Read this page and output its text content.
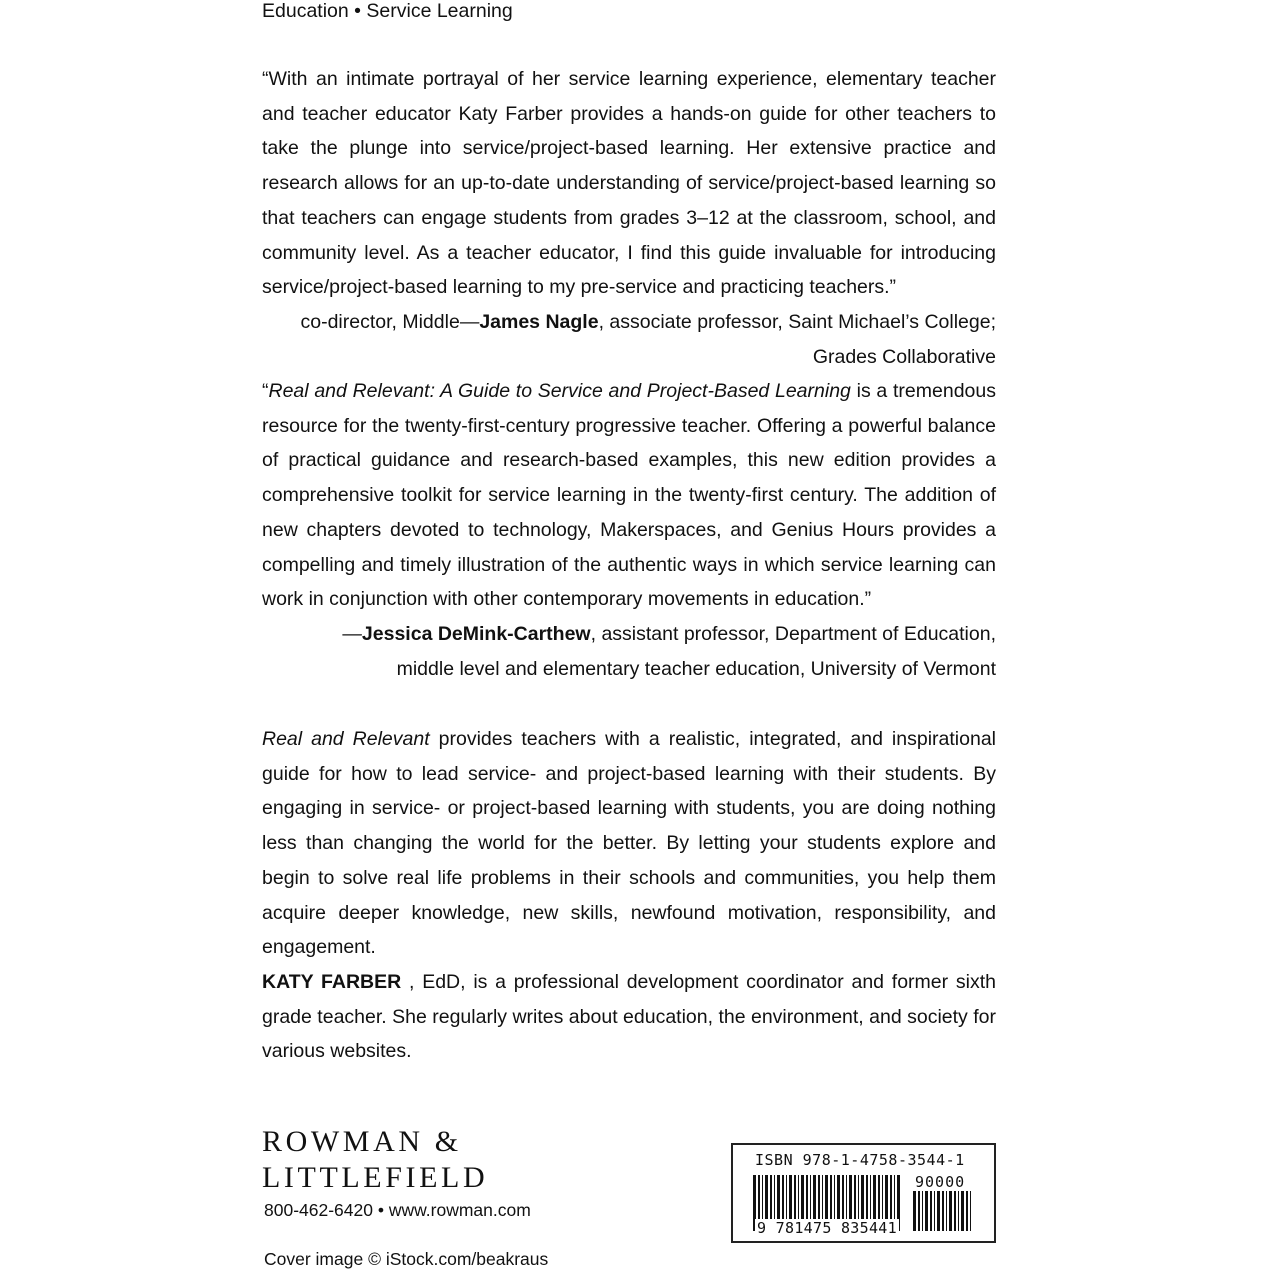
Education • Service Learning

“With an intimate portrayal of her service learning experience, elementary teacher and teacher educator Katy Farber provides a hands-on guide for other teachers to take the plunge into service/project-based learning. Her extensive practice and research allows for an up-to-date understanding of service/project-based learning so that teachers can engage students from grades 3–12 at the classroom, school, and community level. As a teacher educator, I find this guide invaluable for introducing service/project-based learning to my pre-service and practicing teachers.”
—James Nagle, associate professor, Saint Michael’s College;

co-director, Middle Grades Collaborative

“Real and Relevant: A Guide to Service and Project-Based Learning is a tremendous resource for the twenty-first-century progressive teacher. Offering a powerful balance of practical guidance and research-based examples, this new edition provides a comprehensive toolkit for service learning in the twenty-first century. The addition of new chapters devoted to technology, Makerspaces, and Genius Hours provides a compelling and timely illustration of the authentic ways in which service learning can work in conjunction with other contemporary movements in education.”

—Jessica DeMink-Carthew, assistant professor, Department of Education,
middle level and elementary teacher education, University of Vermont

Real and Relevant provides teachers with a realistic, integrated, and inspirational guide for how to lead service- and project-based learning with their students. By engaging in service- or project-based learning with students, you are doing nothing less than changing the world for the better. By letting your students explore and begin to solve real life problems in their schools and communities, you help them acquire deeper knowledge, new skills, newfound motivation, responsibility, and engagement.

KATY FARBER , EdD, is a professional development coordinator and former sixth grade teacher. She regularly writes about education, the environment, and society for various websites.

ROWMAN &
LITTLEFIELD
800-462-6420 • www.rowman.com
Cover image © iStock.com/beakraus
ISBN 978-1-4758-3544-1
90000
9 781475 835441
